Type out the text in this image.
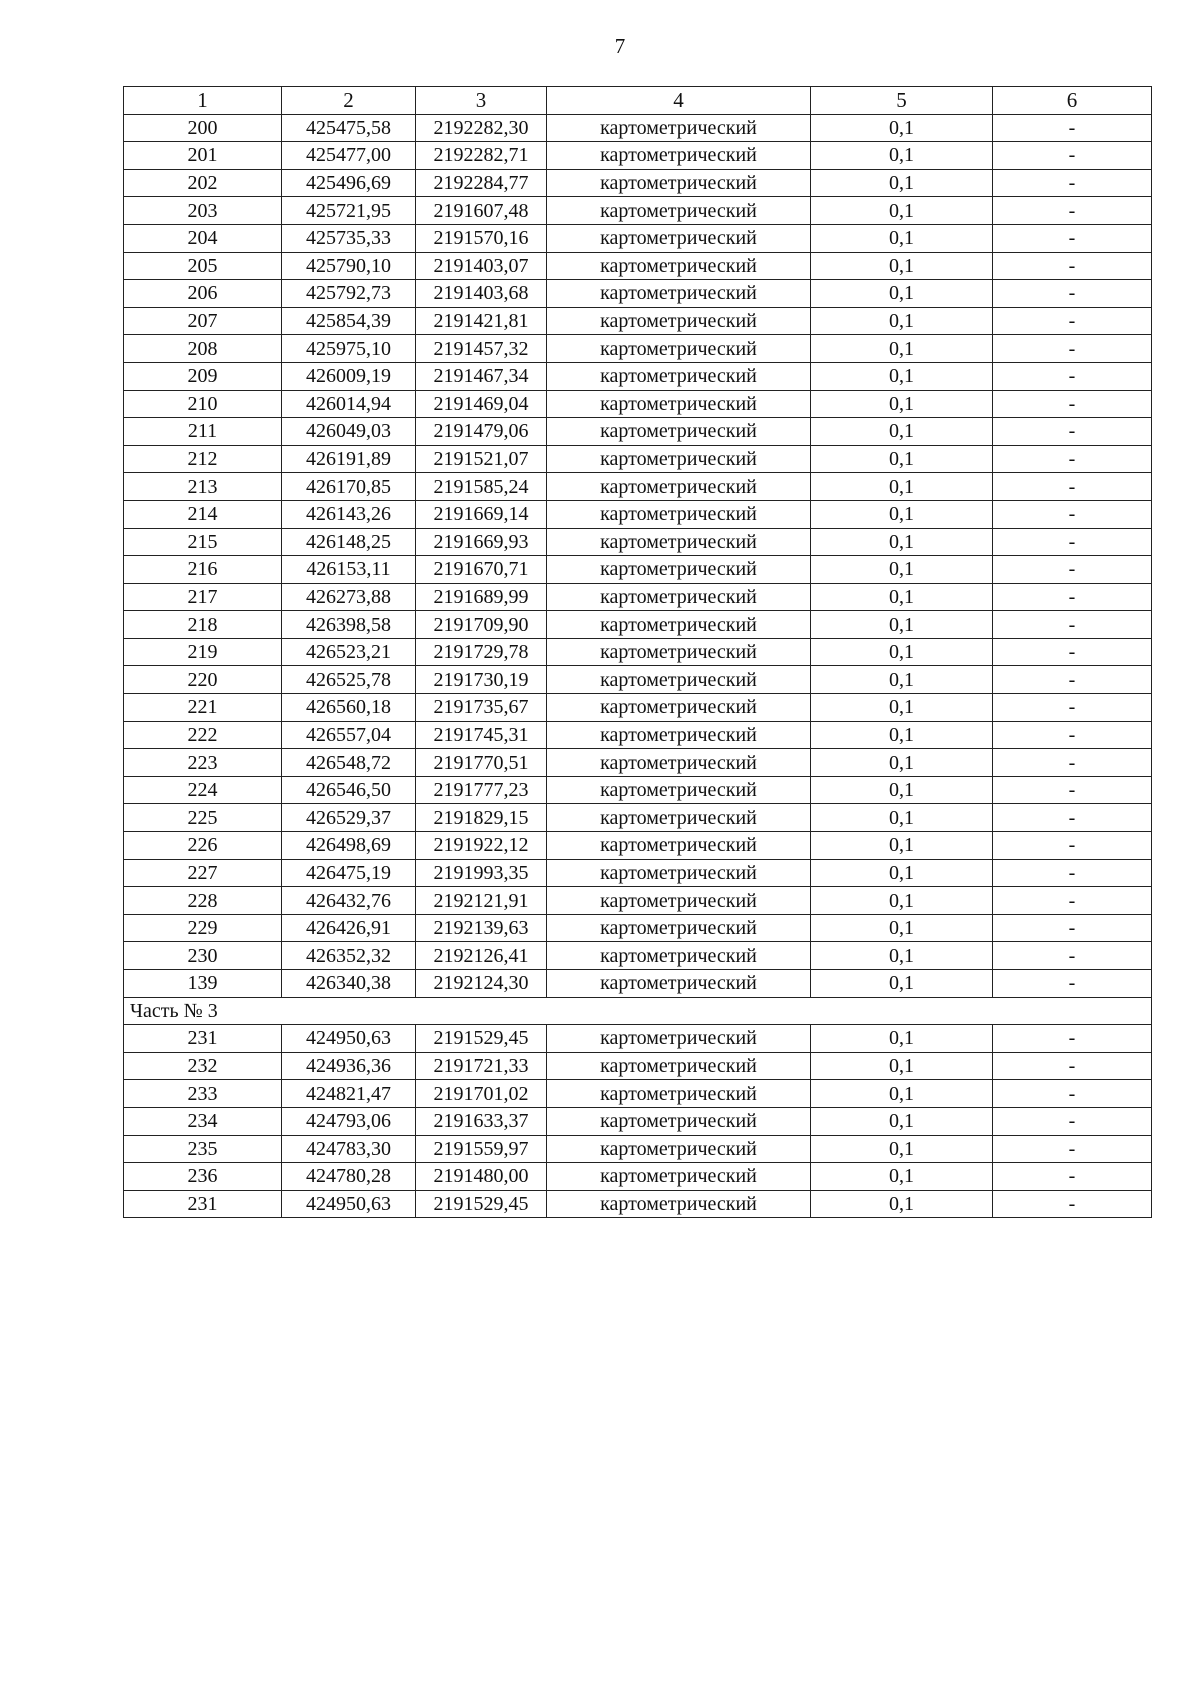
7
1	2	3	4	5	6
200	425475,58	2192282,30	картометрический	0,1	-
201	425477,00	2192282,71	картометрический	0,1	-
202	425496,69	2192284,77	картометрический	0,1	-
203	425721,95	2191607,48	картометрический	0,1	-
204	425735,33	2191570,16	картометрический	0,1	-
205	425790,10	2191403,07	картометрический	0,1	-
206	425792,73	2191403,68	картометрический	0,1	-
207	425854,39	2191421,81	картометрический	0,1	-
208	425975,10	2191457,32	картометрический	0,1	-
209	426009,19	2191467,34	картометрический	0,1	-
210	426014,94	2191469,04	картометрический	0,1	-
211	426049,03	2191479,06	картометрический	0,1	-
212	426191,89	2191521,07	картометрический	0,1	-
213	426170,85	2191585,24	картометрический	0,1	-
214	426143,26	2191669,14	картометрический	0,1	-
215	426148,25	2191669,93	картометрический	0,1	-
216	426153,11	2191670,71	картометрический	0,1	-
217	426273,88	2191689,99	картометрический	0,1	-
218	426398,58	2191709,90	картометрический	0,1	-
219	426523,21	2191729,78	картометрический	0,1	-
220	426525,78	2191730,19	картометрический	0,1	-
221	426560,18	2191735,67	картометрический	0,1	-
222	426557,04	2191745,31	картометрический	0,1	-
223	426548,72	2191770,51	картометрический	0,1	-
224	426546,50	2191777,23	картометрический	0,1	-
225	426529,37	2191829,15	картометрический	0,1	-
226	426498,69	2191922,12	картометрический	0,1	-
227	426475,19	2191993,35	картометрический	0,1	-
228	426432,76	2192121,91	картометрический	0,1	-
229	426426,91	2192139,63	картометрический	0,1	-
230	426352,32	2192126,41	картометрический	0,1	-
139	426340,38	2192124,30	картометрический	0,1	-
Часть № 3					
231	424950,63	2191529,45	картометрический	0,1	-
232	424936,36	2191721,33	картометрический	0,1	-
233	424821,47	2191701,02	картометрический	0,1	-
234	424793,06	2191633,37	картометрический	0,1	-
235	424783,30	2191559,97	картометрический	0,1	-
236	424780,28	2191480,00	картометрический	0,1	-
231	424950,63	2191529,45	картометрический	0,1	-
